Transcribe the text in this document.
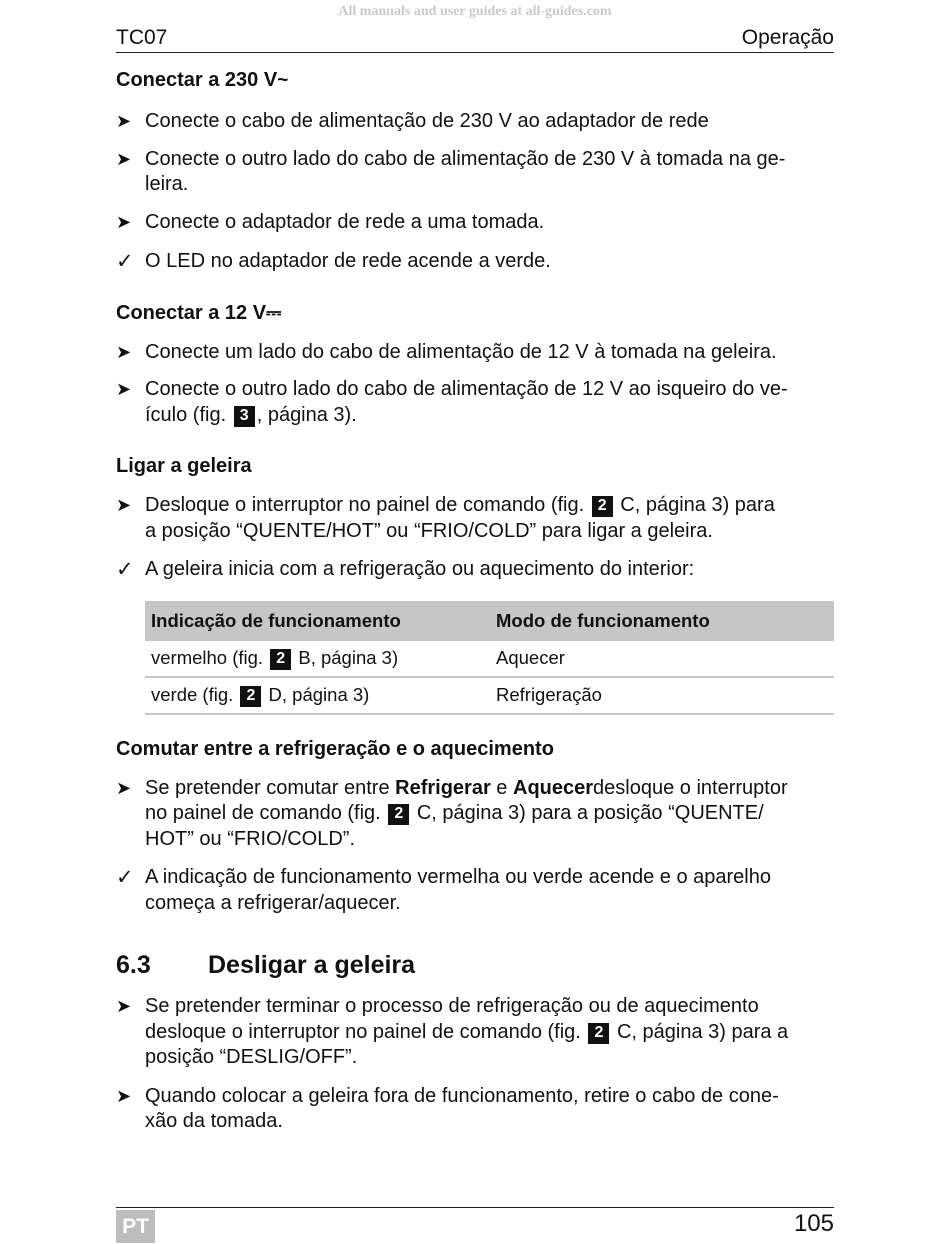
All manuals and user guides at all-guides.com
TC07	Operação
Conectar a 230 V~
➤ Conecte o cabo de alimentação de 230 V ao adaptador de rede
➤ Conecte o outro lado do cabo de alimentação de 230 V à tomada na ge-
leira.
➤ Conecte o adaptador de rede a uma tomada.
✓ O LED no adaptador de rede acende a verde.
Conectar a 12 V⎓
➤ Conecte um lado do cabo de alimentação de 12 V à tomada na geleira.
➤ Conecte o outro lado do cabo de alimentação de 12 V ao isqueiro do ve-
ículo (fig. 3 , página 3).
Ligar a geleira
➤ Desloque o interruptor no painel de comando (fig. 2 C, página 3) para
a posição “QUENTE/HOT” ou “FRIO/COLD” para ligar a geleira.
✓ A geleira inicia com a refrigeração ou aquecimento do interior:
Indicação de funcionamento	Modo de funcionamento
vermelho (fig. 2 B, página 3)	Aquecer
verde (fig. 2 D, página 3)	Refrigeração
Comutar entre a refrigeração e o aquecimento
➤ Se pretender comutar entre Refrigerar e Aquecerdesloque o interruptor
no painel de comando (fig. 2 C, página 3) para a posição “QUENTE/
HOT” ou “FRIO/COLD”.
✓ A indicação de funcionamento vermelha ou verde acende e o aparelho
começa a refrigerar/aquecer.
6.3 Desligar a geleira
➤ Se pretender terminar o processo de refrigeração ou de aquecimento
desloque o interruptor no painel de comando (fig. 2 C, página 3) para a
posição “DESLIG/OFF”.
➤ Quando colocar a geleira fora de funcionamento, retire o cabo de cone-
xão da tomada.
PT	105
